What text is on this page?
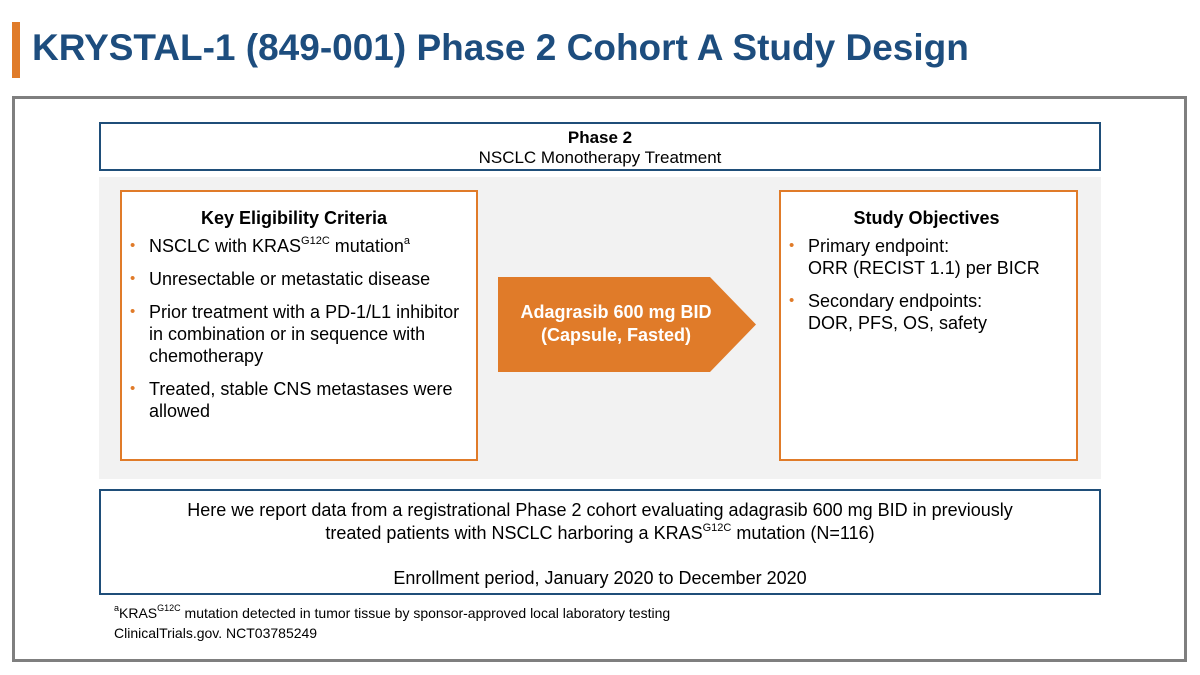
KRYSTAL-1 (849-001) Phase 2 Cohort A Study Design
Phase 2
NSCLC Monotherapy Treatment
Key Eligibility Criteria
• NSCLC with $KRAS^{G12C}$ mutation$^a$
• Unresectable or metastatic disease
• Prior treatment with a PD-1/L1 inhibitor in combination or in sequence with chemotherapy
• Treated, stable CNS metastases were allowed
Adagrasib 600 mg BID
(Capsule, Fasted)
Study Objectives
• Primary endpoint:
ORR (RECIST 1.1) per BICR
• Secondary endpoints:
DOR, PFS, OS, safety
Here we report data from a registrational Phase 2 cohort evaluating adagrasib 600 mg BID in previously
treated patients with NSCLC harboring a $KRAS^{G12C}$ mutation (N=116)
Enrollment period, January 2020 to December 2020
$^aKRAS^{G12C}$ mutation detected in tumor tissue by sponsor-approved local laboratory testing
ClinicalTrials.gov. NCT03785249
